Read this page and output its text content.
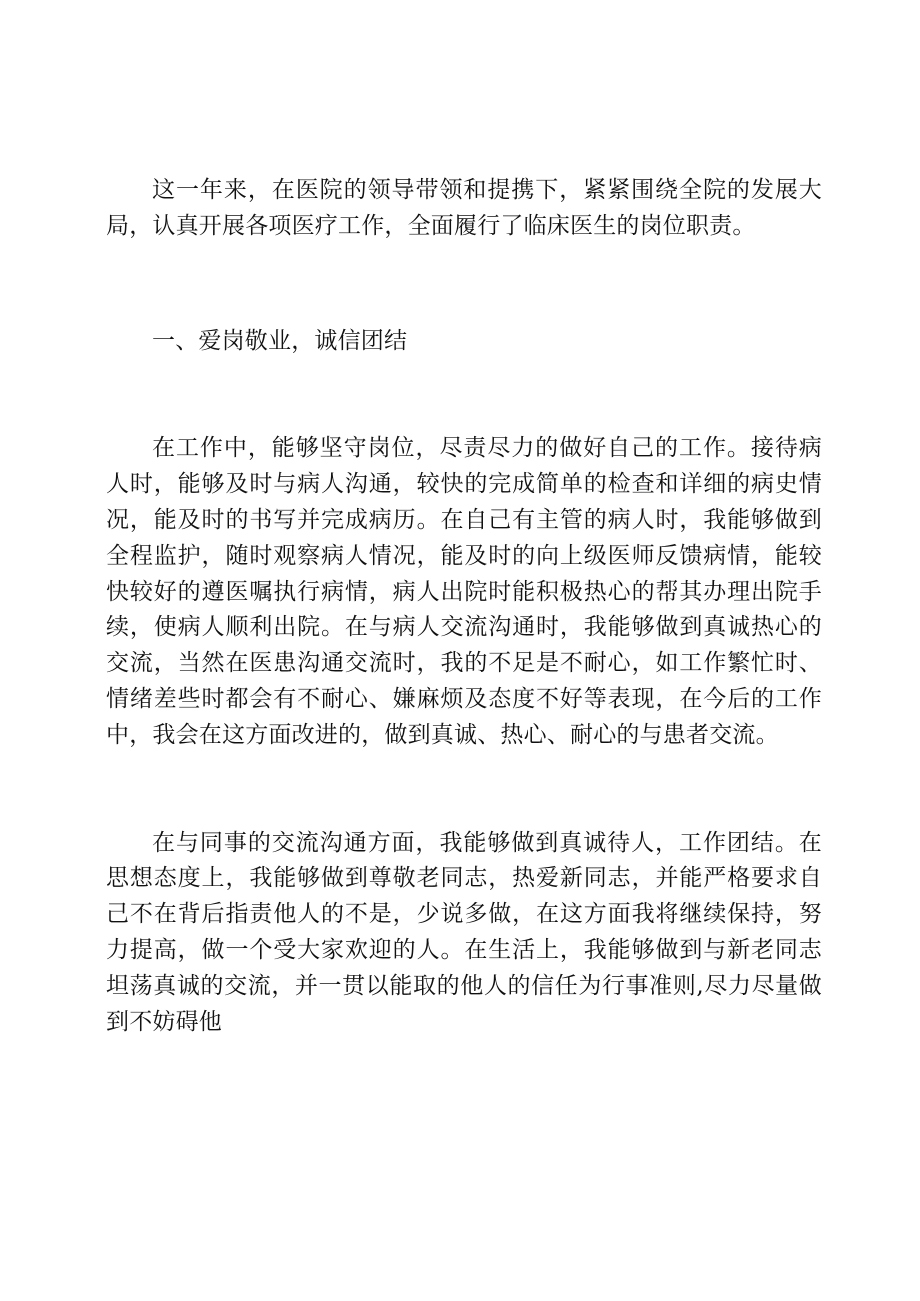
这一年来，在医院的领导带领和提携下，紧紧围绕全院的发展大局，认真开展各项医疗工作，全面履行了临床医生的岗位职责。

一、爱岗敬业，诚信团结

在工作中，能够坚守岗位，尽责尽力的做好自己的工作。接待病人时，能够及时与病人沟通，较快的完成简单的检查和详细的病史情况，能及时的书写并完成病历。在自己有主管的病人时，我能够做到全程监护，随时观察病人情况，能及时的向上级医师反馈病情，能较快较好的遵医嘱执行病情，病人出院时能积极热心的帮其办理出院手续，使病人顺利出院。在与病人交流沟通时，我能够做到真诚热心的交流，当然在医患沟通交流时，我的不足是不耐心，如工作繁忙时、情绪差些时都会有不耐心、嫌麻烦及态度不好等表现，在今后的工作中，我会在这方面改进的，做到真诚、热心、耐心的与患者交流。

在与同事的交流沟通方面，我能够做到真诚待人，工作团结。在思想态度上，我能够做到尊敬老同志，热爱新同志，并能严格要求自己不在背后指责他人的不是，少说多做，在这方面我将继续保持，努力提高，做一个受大家欢迎的人。在生活上，我能够做到与新老同志坦荡真诚的交流，并一贯以能取的他人的信任为行事准则,尽力尽量做到不妨碍他
